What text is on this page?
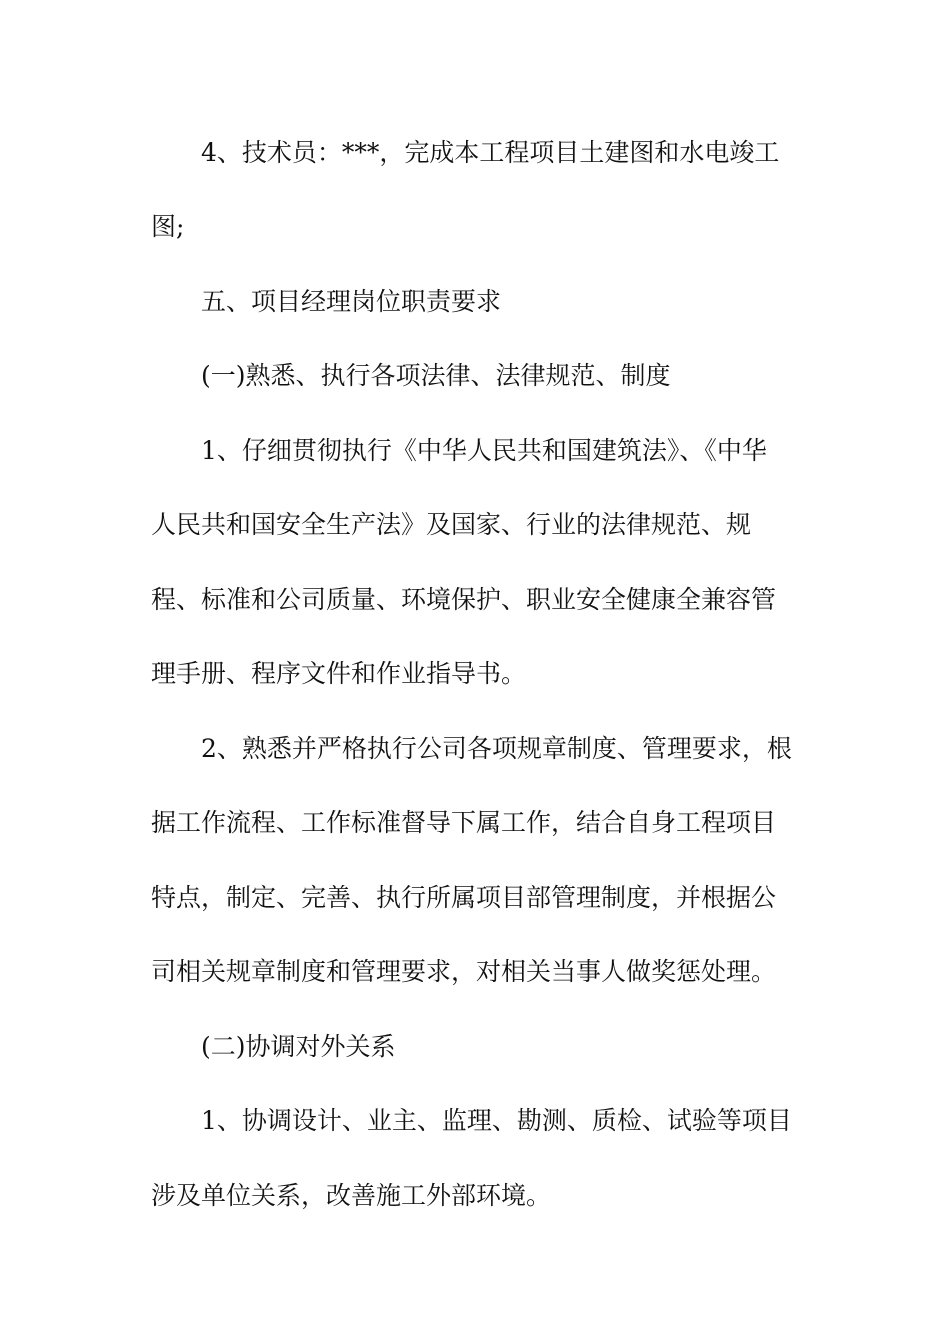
4、技术员：***，完成本工程项目土建图和水电竣工
图;
五、项目经理岗位职责要求
(一)熟悉、执行各项法律、法律规范、制度
1、仔细贯彻执行《中华人民共和国建筑法》、《中华
人民共和国安全生产法》及国家、行业的法律规范、规
程、标准和公司质量、环境保护、职业安全健康全兼容管
理手册、程序文件和作业指导书。
2、熟悉并严格执行公司各项规章制度、管理要求，根
据工作流程、工作标准督导下属工作，结合自身工程项目
特点，制定、完善、执行所属项目部管理制度，并根据公
司相关规章制度和管理要求，对相关当事人做奖惩处理。
(二)协调对外关系
1、协调设计、业主、监理、勘测、质检、试验等项目
涉及单位关系，改善施工外部环境。
